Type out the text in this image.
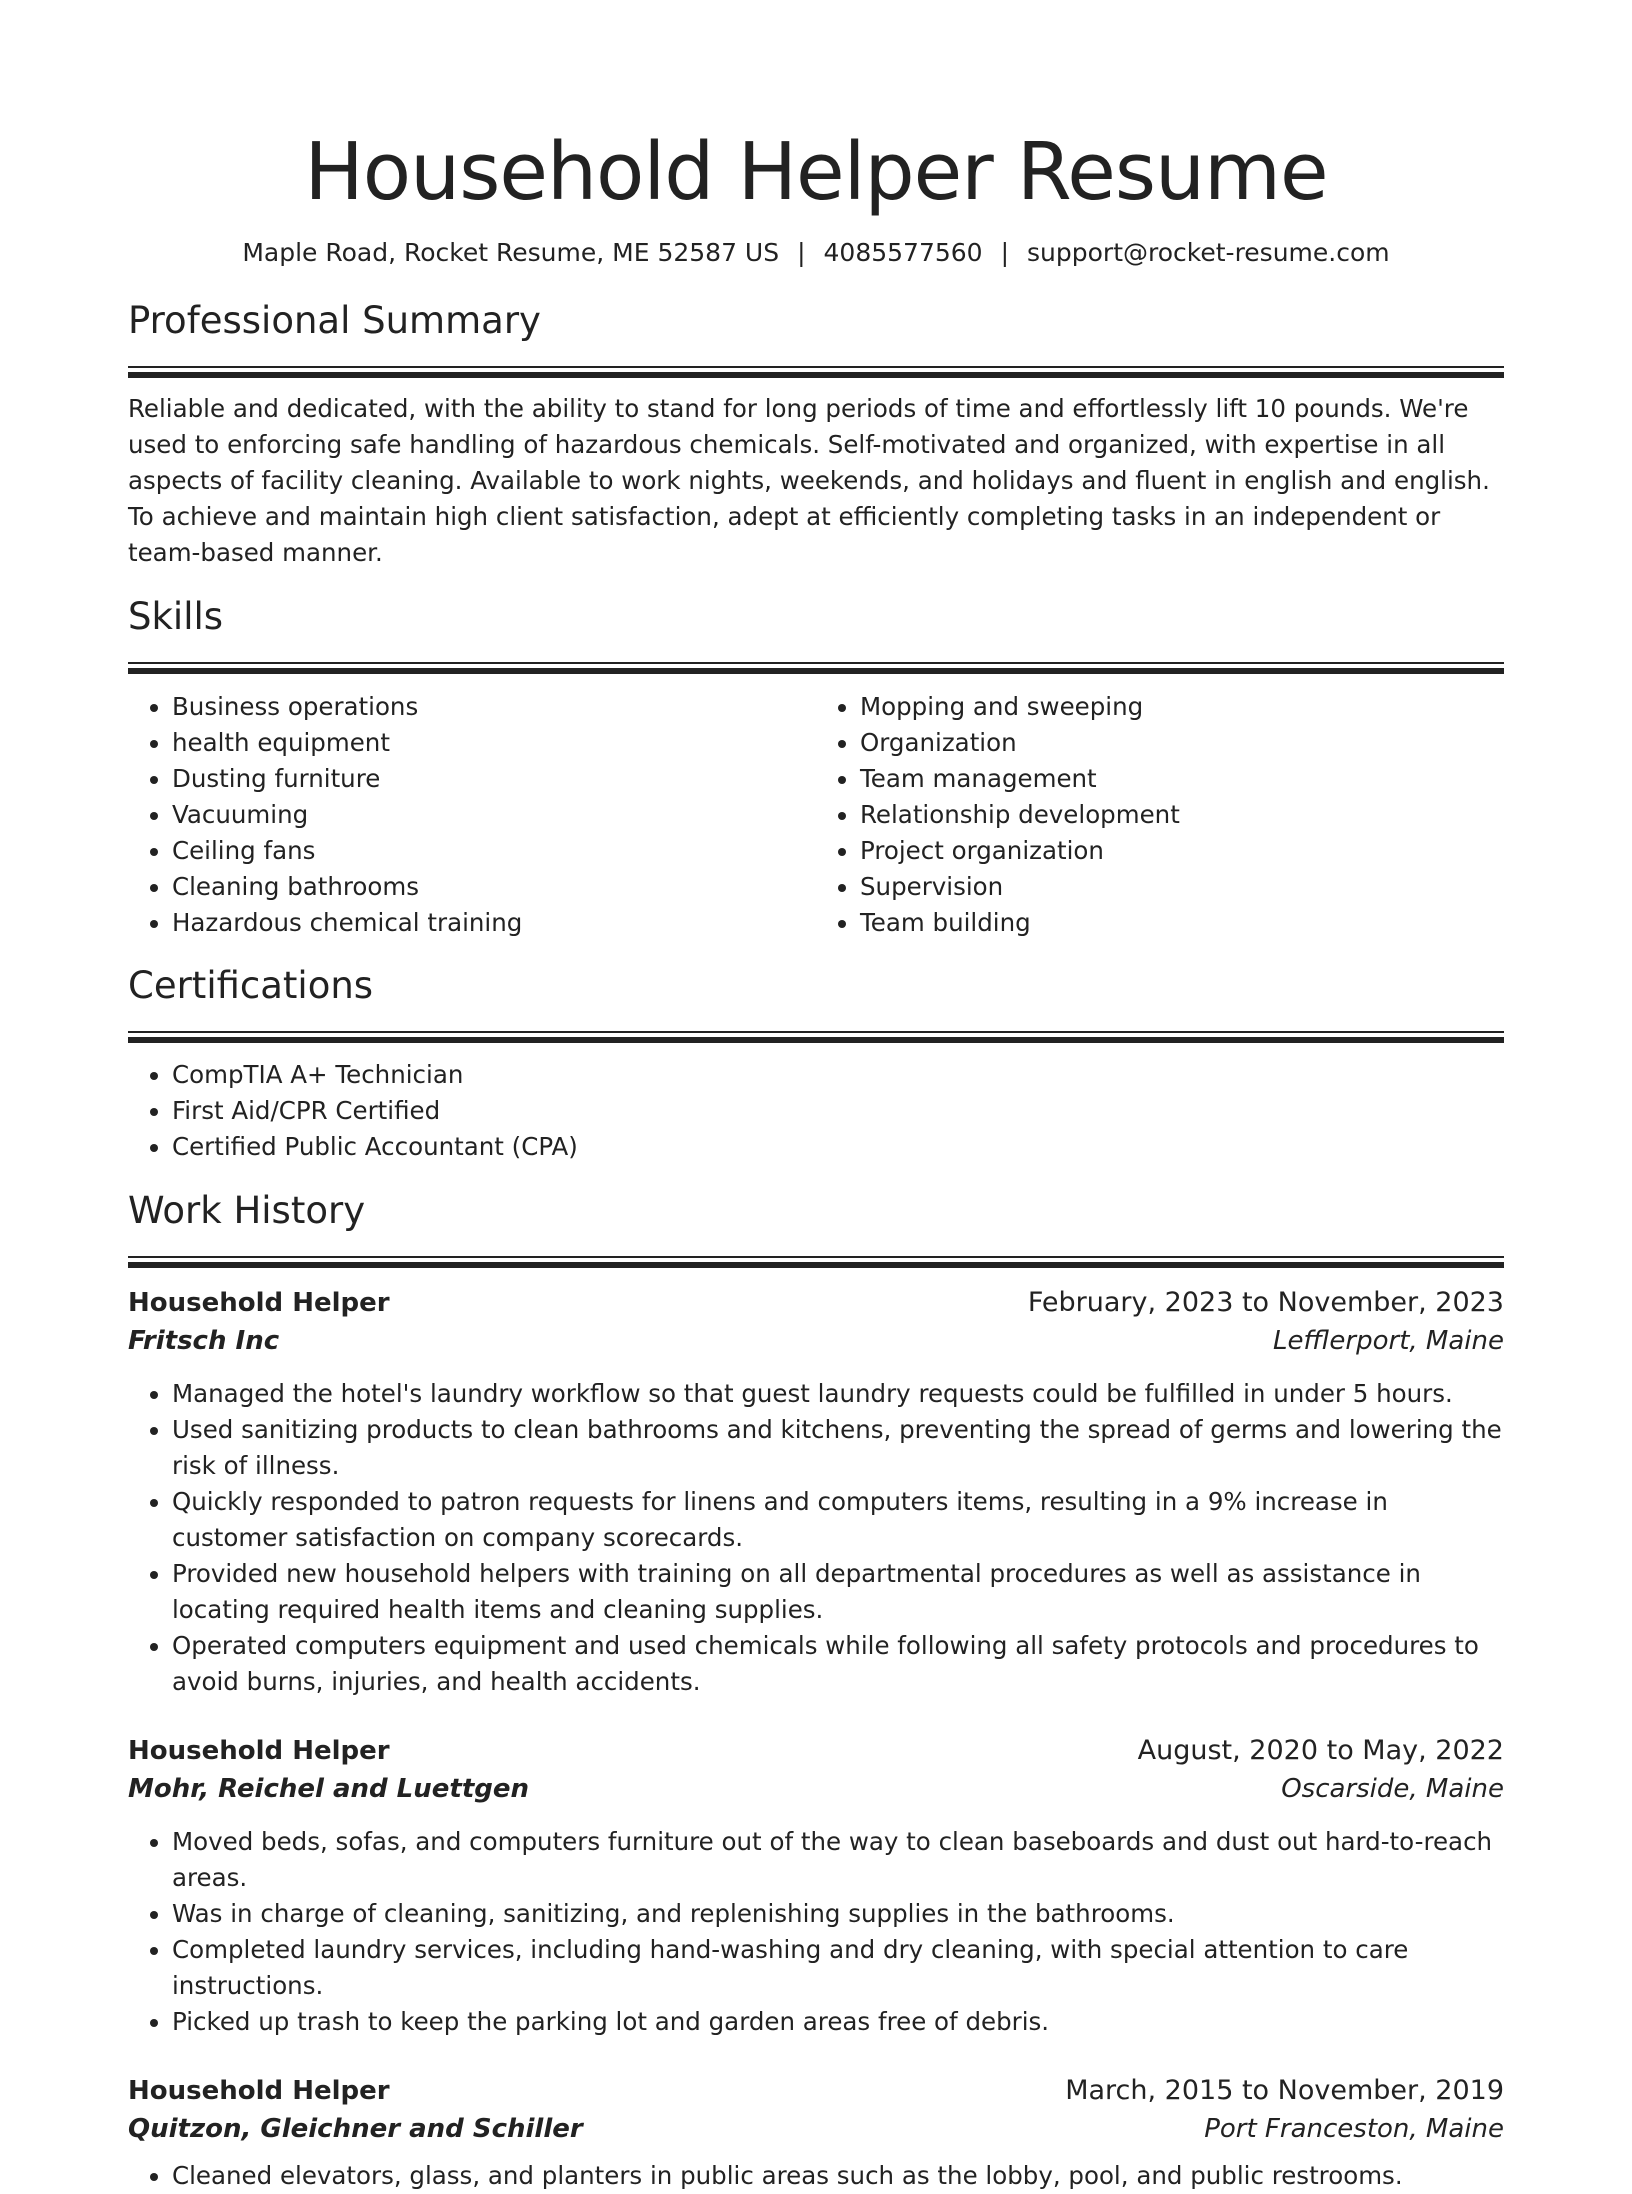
Household Helper Resume
Maple Road, Rocket Resume, ME 52587 US | 4085577560 | support@rocket-resume.com
Professional Summary

Reliable and dedicated, with the ability to stand for long periods of time and effortlessly lift 10 pounds. We're used to enforcing safe handling of hazardous chemicals. Self-motivated and organized, with expertise in all aspects of facility cleaning. Available to work nights, weekends, and holidays and fluent in english and english. To achieve and maintain high client satisfaction, adept at efficiently completing tasks in an independent or team-based manner.

Skills
• Business operations
• health equipment
• Dusting furniture
• Vacuuming
• Ceiling fans
• Cleaning bathrooms
• Hazardous chemical training
• Mopping and sweeping
• Organization
• Team management
• Relationship development
• Project organization
• Supervision
• Team building
Certifications
• CompTIA A+ Technician
• First Aid/CPR Certified
• Certified Public Accountant (CPA)
Work History
Household Helper	February, 2023 to November, 2023
Fritsch Inc	Lefflerport, Maine
• Managed the hotel's laundry workflow so that guest laundry requests could be fulfilled in under 5 hours.
• Used sanitizing products to clean bathrooms and kitchens, preventing the spread of germs and lowering the risk of illness.
• Quickly responded to patron requests for linens and computers items, resulting in a 9% increase in customer satisfaction on company scorecards.
• Provided new household helpers with training on all departmental procedures as well as assistance in locating required health items and cleaning supplies.
• Operated computers equipment and used chemicals while following all safety protocols and procedures to avoid burns, injuries, and health accidents.
Household Helper	August, 2020 to May, 2022
Mohr, Reichel and Luettgen	Oscarside, Maine
• Moved beds, sofas, and computers furniture out of the way to clean baseboards and dust out hard-to-reach areas.
• Was in charge of cleaning, sanitizing, and replenishing supplies in the bathrooms.
• Completed laundry services, including hand-washing and dry cleaning, with special attention to care instructions.
• Picked up trash to keep the parking lot and garden areas free of debris.
Household Helper	March, 2015 to November, 2019
Quitzon, Gleichner and Schiller	Port Franceston, Maine
• Cleaned elevators, glass, and planters in public areas such as the lobby, pool, and public restrooms.
